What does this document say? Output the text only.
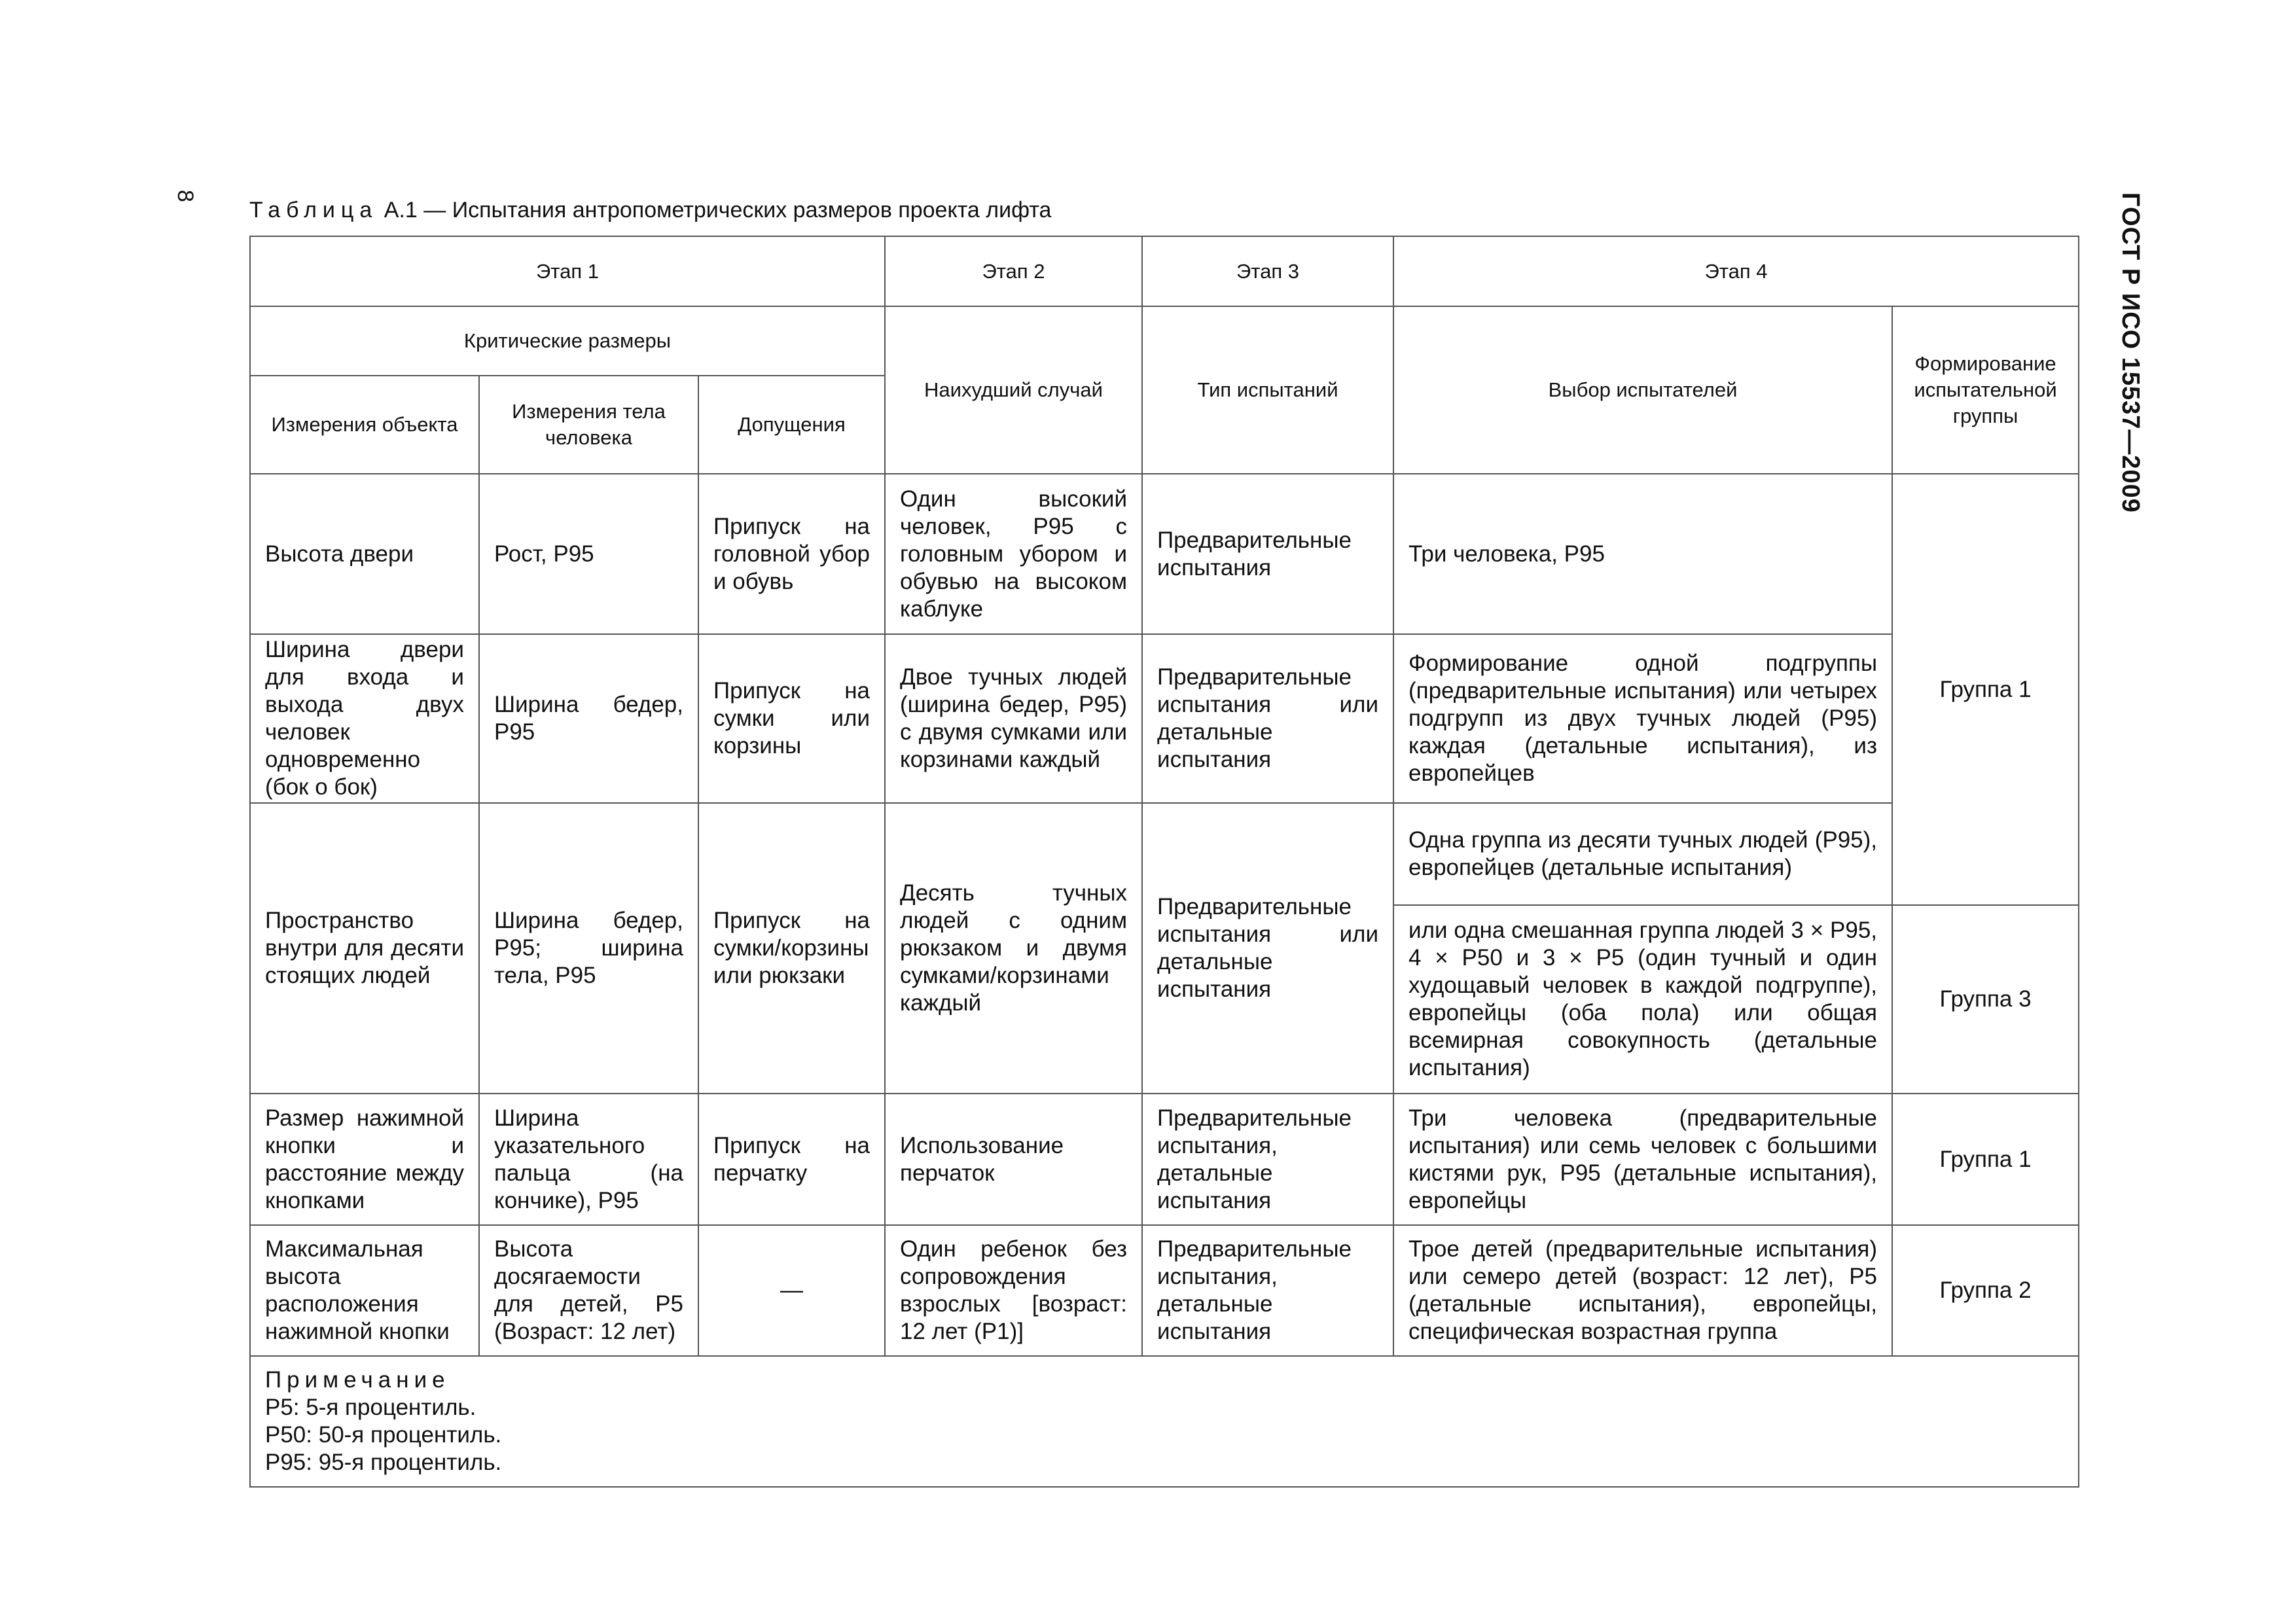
8	ГОСТ Р ИСО 15537—2009
Таблица А.1 — Испытания антропометрических размеров проекта лифта
Этап 1			Этап 2	Этап 3	Этап 4	
Критические размеры			Наихудший случай	Тип испытаний	Выбор испытателей	Формирование испытательной группы
Измерения объекта	Измерения тела человека	Допущения				
Высота двери	Рост, Р95	Припуск на головной убор и обувь	Один высокий человек, Р95 с головным убором и обувью на высоком каблуке	Предварительные испытания	Три человека, Р95	Группа 1
Ширина двери для входа и выхода двух человек одновременно (бок о бок)	Ширина бедер, Р95	Припуск на сумки или корзины	Двое тучных людей (ширина бедер, Р95) с двумя сумками или корзинами каждый	Предварительные испытания или детальные испытания	Формирование одной подгруппы (предварительные испытания) или четырех подгрупп из двух тучных людей (Р95) каждая (детальные испытания), из европейцев	
Пространство внутри для десяти стоящих людей	Ширина бедер, Р95; ширина тела, Р95	Припуск на сумки/корзины или рюкзаки	Десять тучных людей с одним рюкзаком и двумя сумками/корзинами каждый	Предварительные испытания или детальные испытания	Одна группа из десяти тучных людей (Р95), европейцев (детальные испытания)	
					или одна смешанная группа людей 3 × Р95, 4 × Р50 и 3 × Р5 (один тучный и один худощавый человек в каждой подгруппе), европейцы (оба пола) или общая всемирная совокупность (детальные испытания)	Группа 3
Размер нажимной кнопки и расстояние между кнопками	Ширина указательного пальца (на кончике), Р95	Припуск на перчатку	Использование перчаток	Предварительные испытания, детальные испытания	Три человека (предварительные испытания) или семь человек с большими кистями рук, Р95 (детальные испытания), европейцы	Группа 1
Максимальная высота расположения нажимной кнопки	Высота досягаемости для детей, Р5 (Возраст: 12 лет)	—	Один ребенок без сопровождения взрослых [возраст: 12 лет (Р1)]	Предварительные испытания, детальные испытания	Трое детей (предварительные испытания) или семеро детей (возраст: 12 лет), Р5 (детальные испытания), европейцы, специфическая возрастная группа	Группа 2

Примечание
Р5: 5-я процентиль.
Р50: 50-я процентиль.
Р95: 95-я процентиль.						
